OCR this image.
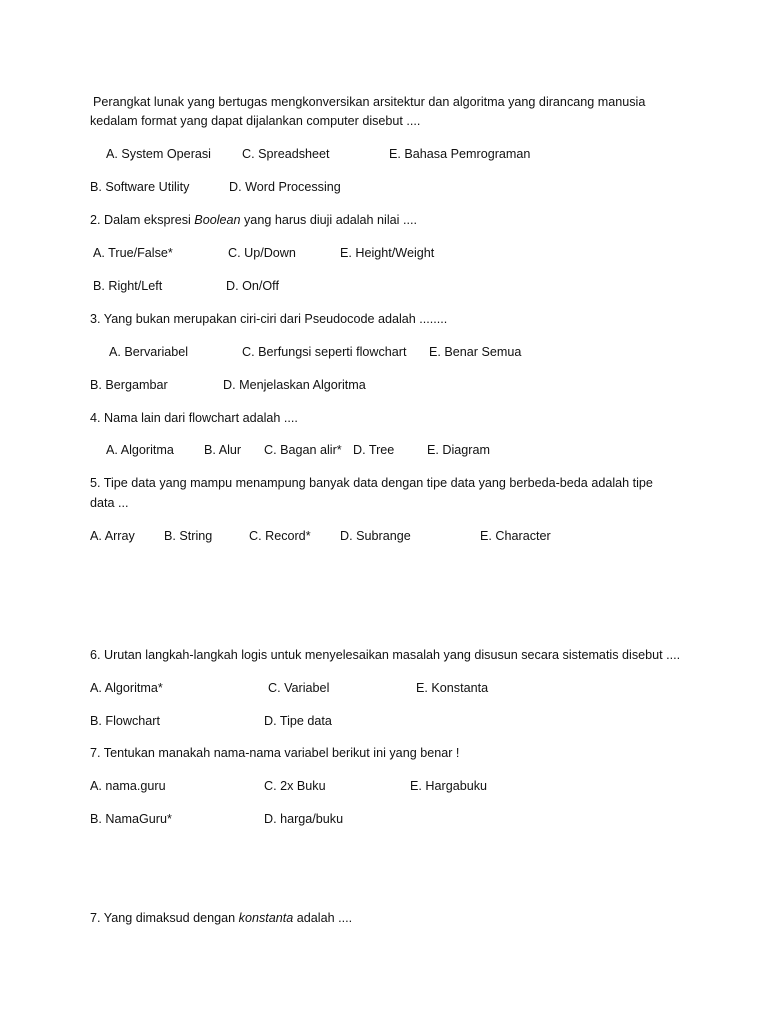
Perangkat lunak yang bertugas mengkonversikan arsitektur dan algoritma yang dirancang manusia
kedalam format yang dapat dijalankan computer disebut ....
A. System Operasi C. Spreadsheet	E. Bahasa Pemrograman
B. Software Utility	D. Word Processing
2. Dalam ekspresi Boolean yang harus diuji adalah nilai ....
A. True/False*	C. Up/Down	E. Height/Weight
B. Right/Left	D. On/Off
3. Yang bukan merupakan ciri-ciri dari Pseudocode adalah ........
A. Bervariabel	C. Berfungsi seperti flowchart E. Benar Semua
B. Bergambar	D. Menjelaskan Algoritma
4. Nama lain dari flowchart adalah ....
A. Algoritma B. Alur C. Bagan alir* D. Tree	E. Diagram
5. Tipe data yang mampu menampung banyak data dengan tipe data yang berbeda-beda adalah tipe
data ...
A. Array B. String	C. Record* D. Subrange	E. Character
6. Urutan langkah-langkah logis untuk menyelesaikan masalah yang disusun secara sistematis disebut ....
A. Algoritma*	C. Variabel	E. Konstanta
B. Flowchart	D. Tipe data
7. Tentukan manakah nama-nama variabel berikut ini yang benar !
A. nama.guru	C. 2x Buku	E. Hargabuku
B. NamaGuru*	D. harga/buku
7. Yang dimaksud dengan konstanta adalah ....
